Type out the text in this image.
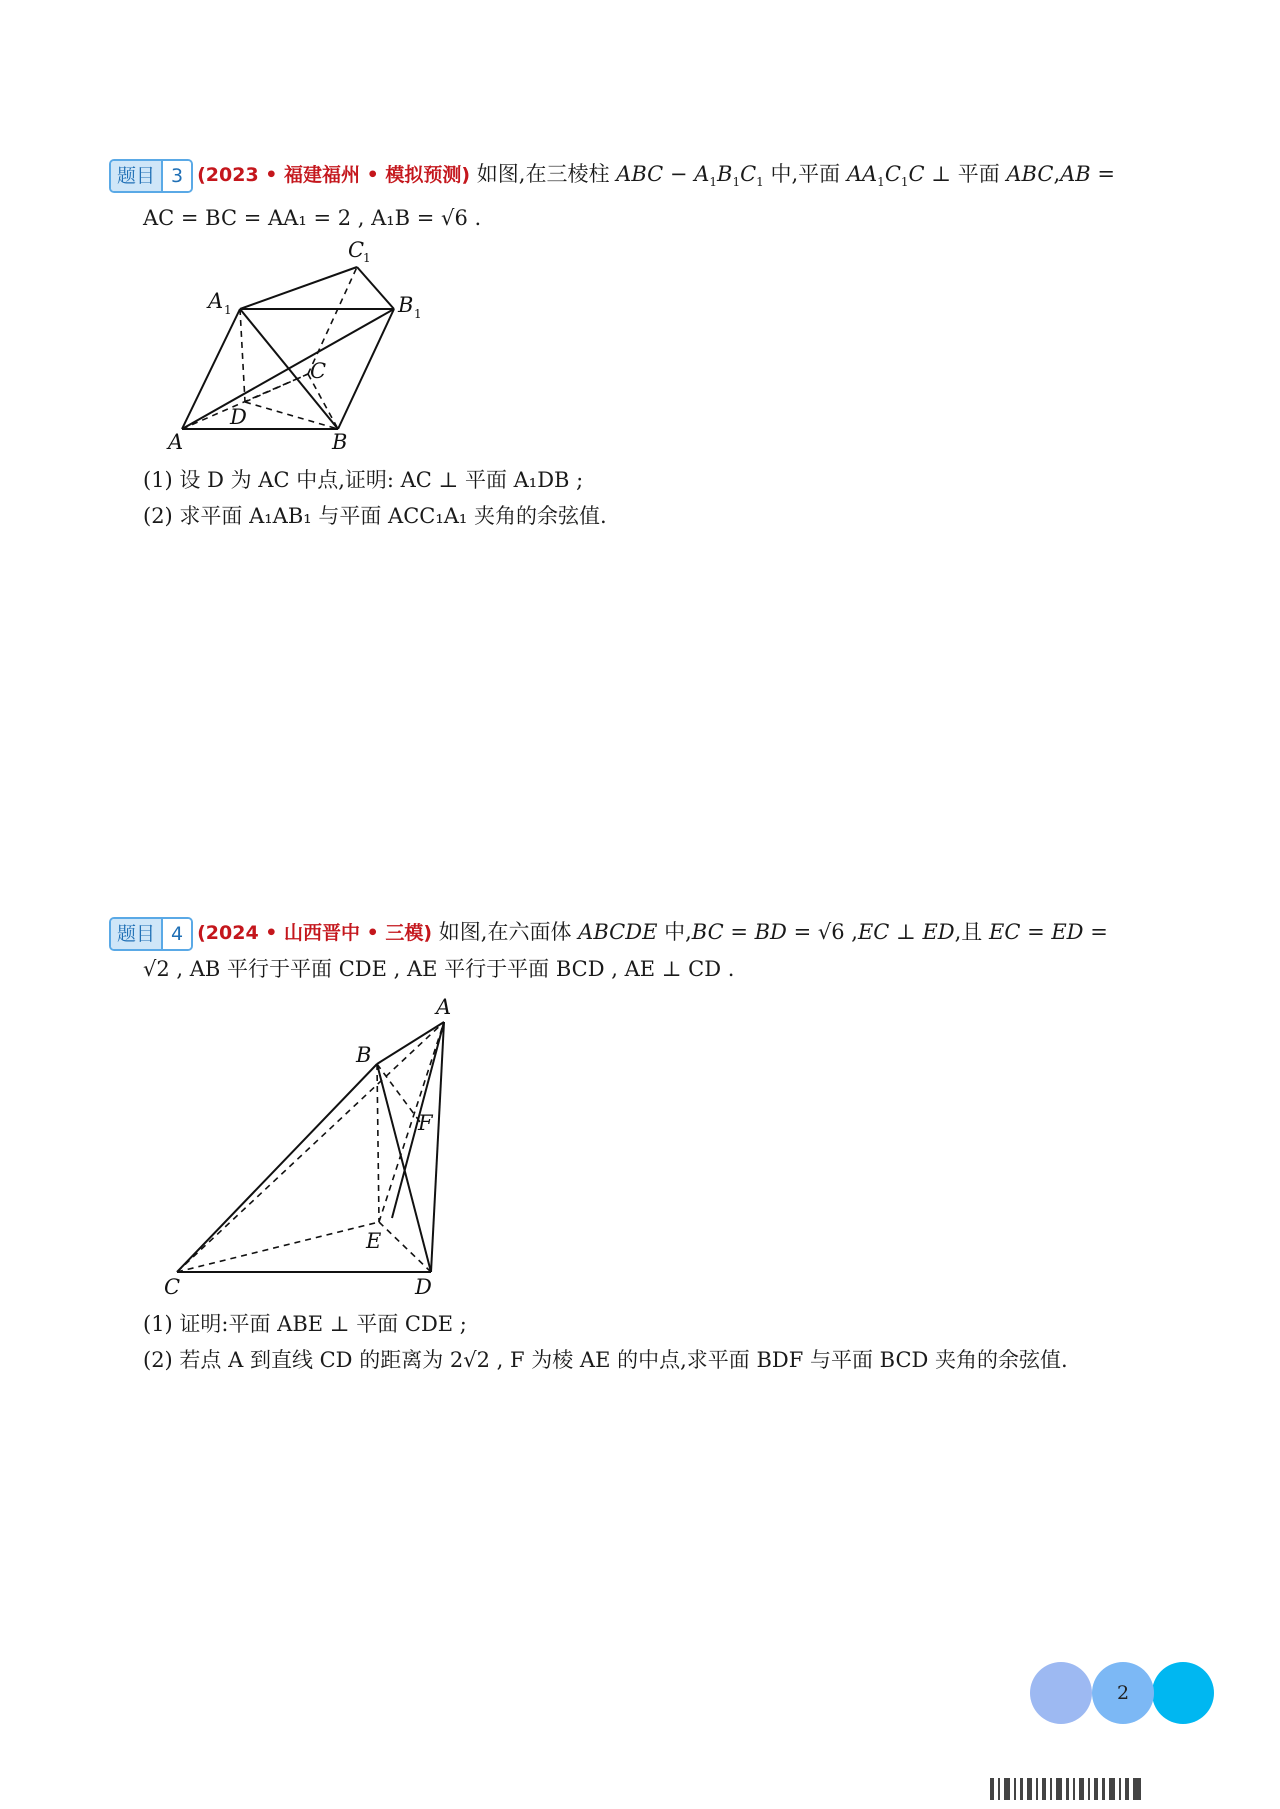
题目 3 (2023 • 福建福州 • 模拟预测) 如图,在三棱柱 ABC − $A_1B_1C_1$ 中,平面 $AA_1C_1C$ ⊥ 平面 ABC,AB =
AC = BC = AA₁ = 2 , A₁B = √6 .
A	B
C
D
A 1	B 1
C
1
(1) 设 D 为 AC 中点,证明: AC ⊥ 平面 A₁DB ;
(2) 求平面 A₁AB₁ 与平面 ACC₁A₁ 夹角的余弦值.
题目 4 (2024 • 山西晋中 • 三模) 如图,在六面体 ABCDE 中,BC = BD = √6 ,EC ⊥ ED,且 EC = ED =
√2 , AB 平行于平面 CDE , AE 平行于平面 BCD , AE ⊥ CD .
A
B
F
E
C	D
(1) 证明:平面 ABE ⊥ 平面 CDE ;
(2) 若点 A 到直线 CD 的距离为 2√2 , F 为棱 AE 的中点,求平面 BDF 与平面 BCD 夹角的余弦值.
2
